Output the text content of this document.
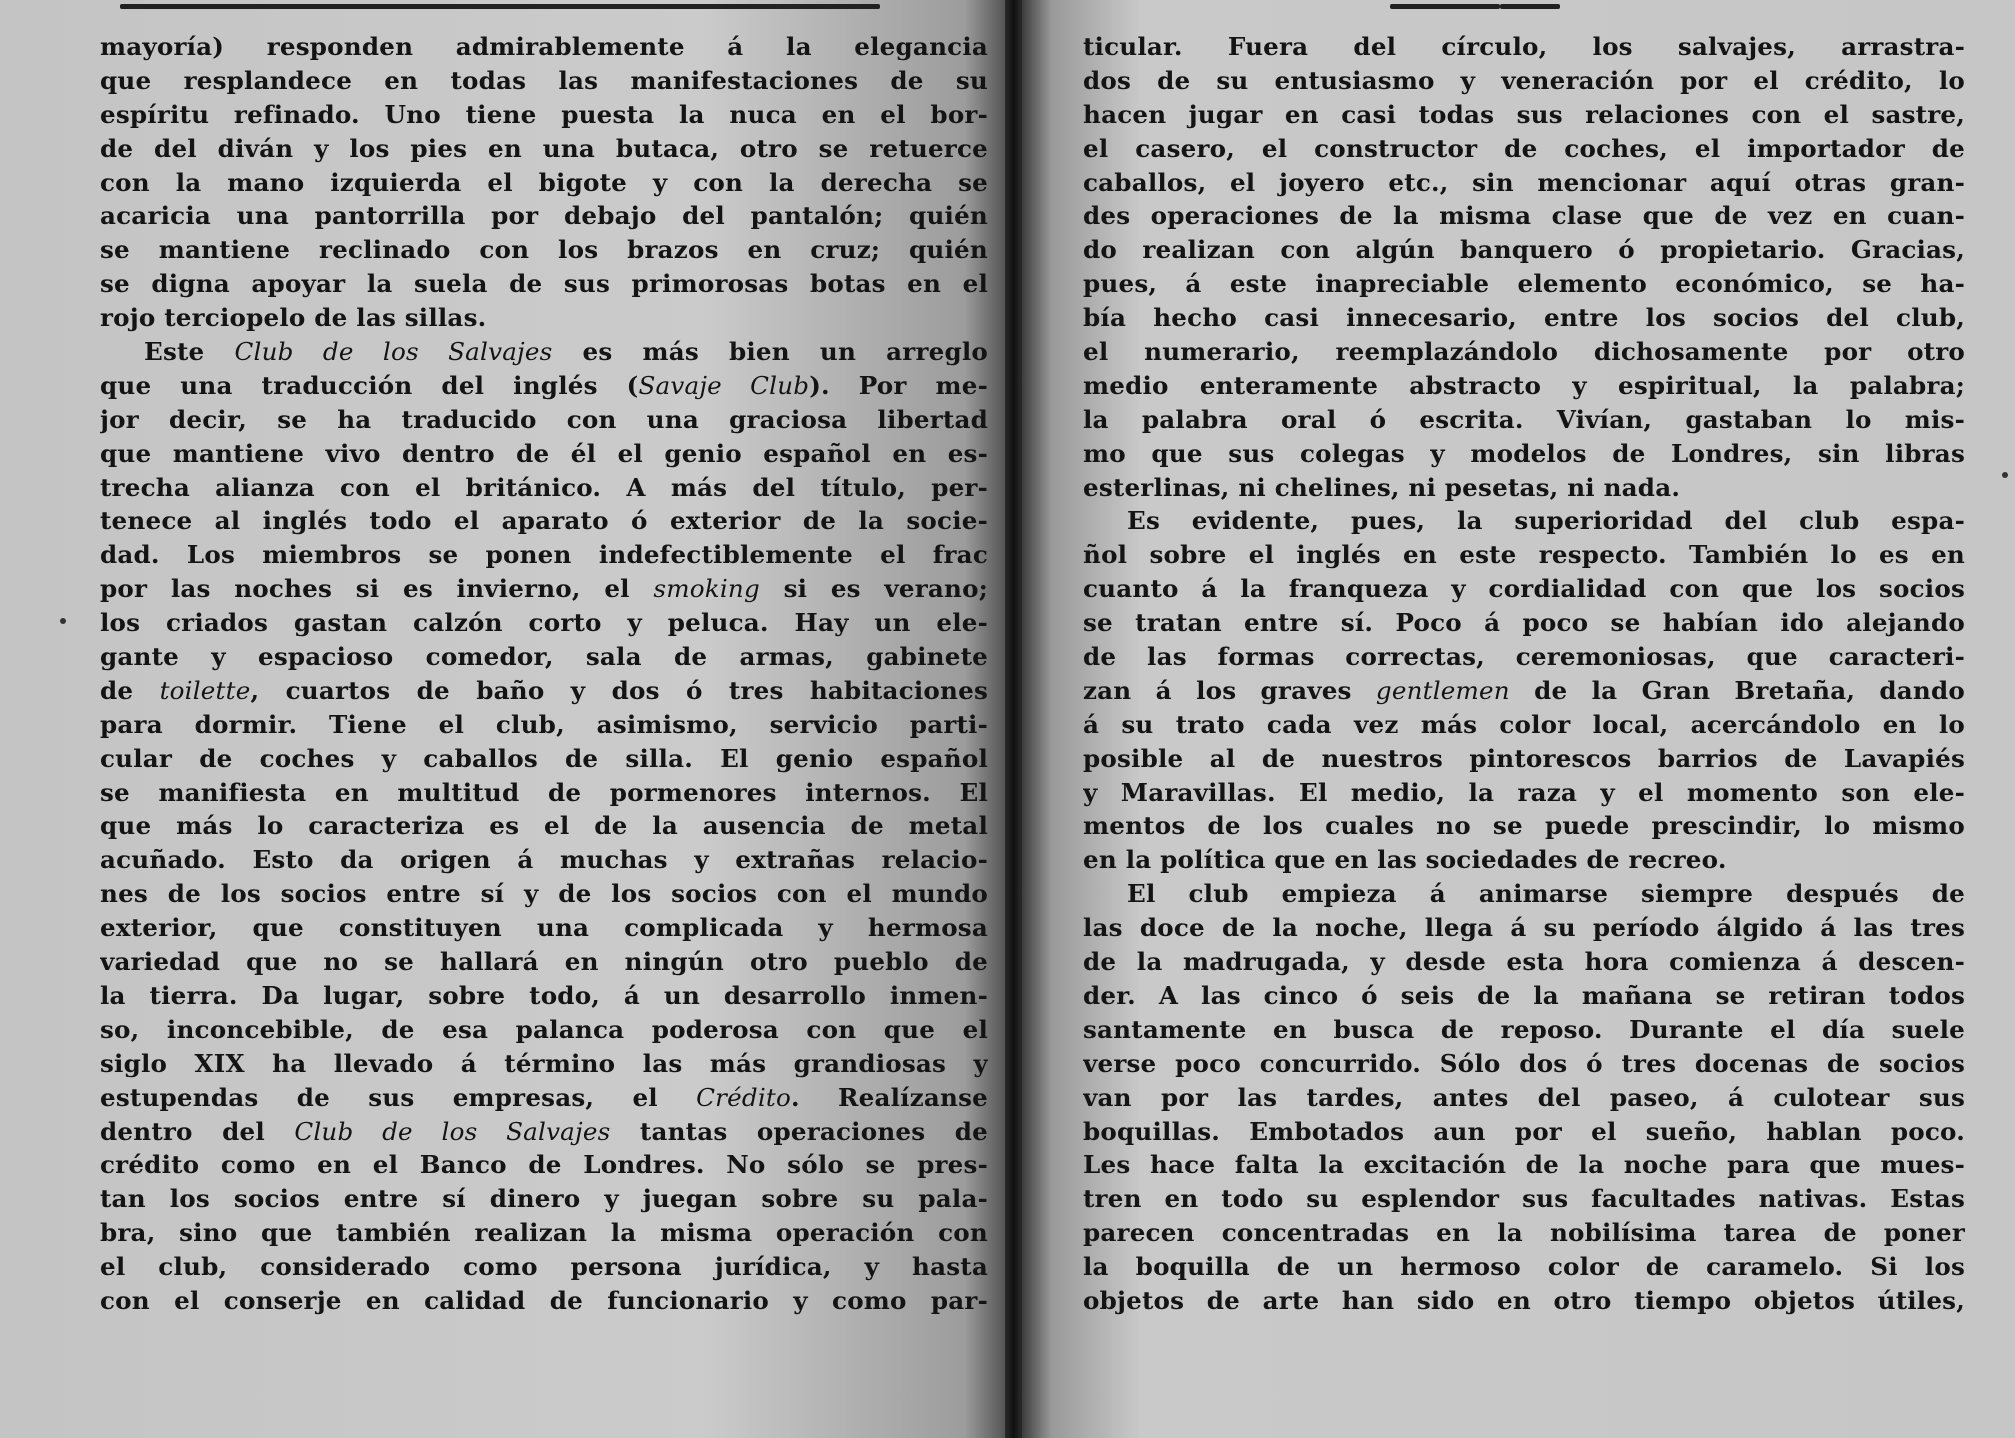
mayoría) responden admirablemente á la elegancia
que resplandece en todas las manifestaciones de su
espíritu refinado. Uno tiene puesta la nuca en el bor-
de del diván y los pies en una butaca, otro se retuerce
con la mano izquierda el bigote y con la derecha se
acaricia una pantorrilla por debajo del pantalón; quién
se mantiene reclinado con los brazos en cruz; quién
se digna apoyar la suela de sus primorosas botas en el
rojo terciopelo de las sillas.
Este Club de los Salvajes es más bien un arreglo
que una traducción del inglés (Savaje Club). Por me-
jor decir, se ha traducido con una graciosa libertad
que mantiene vivo dentro de él el genio español en es-
trecha alianza con el británico. A más del título, per-
tenece al inglés todo el aparato ó exterior de la socie-
dad. Los miembros se ponen indefectiblemente el frac
por las noches si es invierno, el smoking si es verano;
los criados gastan calzón corto y peluca. Hay un ele-
gante y espacioso comedor, sala de armas, gabinete
de toilette, cuartos de baño y dos ó tres habitaciones
para dormir. Tiene el club, asimismo, servicio parti-
cular de coches y caballos de silla. El genio español
se manifiesta en multitud de pormenores internos. El
que más lo caracteriza es el de la ausencia de metal
acuñado. Esto da origen á muchas y extrañas relacio-
nes de los socios entre sí y de los socios con el mundo
exterior, que constituyen una complicada y hermosa
variedad que no se hallará en ningún otro pueblo de
la tierra. Da lugar, sobre todo, á un desarrollo inmen-
so, inconcebible, de esa palanca poderosa con que el
siglo XIX ha llevado á término las más grandiosas y
estupendas de sus empresas, el Crédito. Realízanse
dentro del Club de los Salvajes tantas operaciones de
crédito como en el Banco de Londres. No sólo se pres-
tan los socios entre sí dinero y juegan sobre su pala-
bra, sino que también realizan la misma operación con
el club, considerado como persona jurídica, y hasta
con el conserje en calidad de funcionario y como par-
ticular. Fuera del círculo, los salvajes, arrastra-
dos de su entusiasmo y veneración por el crédito, lo
hacen jugar en casi todas sus relaciones con el sastre,
el casero, el constructor de coches, el importador de
caballos, el joyero etc., sin mencionar aquí otras gran-
des operaciones de la misma clase que de vez en cuan-
do realizan con algún banquero ó propietario. Gracias,
pues, á este inapreciable elemento económico, se ha-
bía hecho casi innecesario, entre los socios del club,
el numerario, reemplazándolo dichosamente por otro
medio enteramente abstracto y espiritual, la palabra;
la palabra oral ó escrita. Vivían, gastaban lo mis-
mo que sus colegas y modelos de Londres, sin libras
esterlinas, ni chelines, ni pesetas, ni nada.
Es evidente, pues, la superioridad del club espa-
ñol sobre el inglés en este respecto. También lo es en
cuanto á la franqueza y cordialidad con que los socios
se tratan entre sí. Poco á poco se habían ido alejando
de las formas correctas, ceremoniosas, que caracteri-
zan á los graves gentlemen de la Gran Bretaña, dando
á su trato cada vez más color local, acercándolo en lo
posible al de nuestros pintorescos barrios de Lavapiés
y Maravillas. El medio, la raza y el momento son ele-
mentos de los cuales no se puede prescindir, lo mismo
en la política que en las sociedades de recreo.
El club empieza á animarse siempre después de
las doce de la noche, llega á su período álgido á las tres
de la madrugada, y desde esta hora comienza á descen-
der. A las cinco ó seis de la mañana se retiran todos
santamente en busca de reposo. Durante el día suele
verse poco concurrido. Sólo dos ó tres docenas de socios
van por las tardes, antes del paseo, á culotear sus
boquillas. Embotados aun por el sueño, hablan poco.
Les hace falta la excitación de la noche para que mues-
tren en todo su esplendor sus facultades nativas. Estas
parecen concentradas en la nobilísima tarea de poner
la boquilla de un hermoso color de caramelo. Si los
objetos de arte han sido en otro tiempo objetos útiles,
